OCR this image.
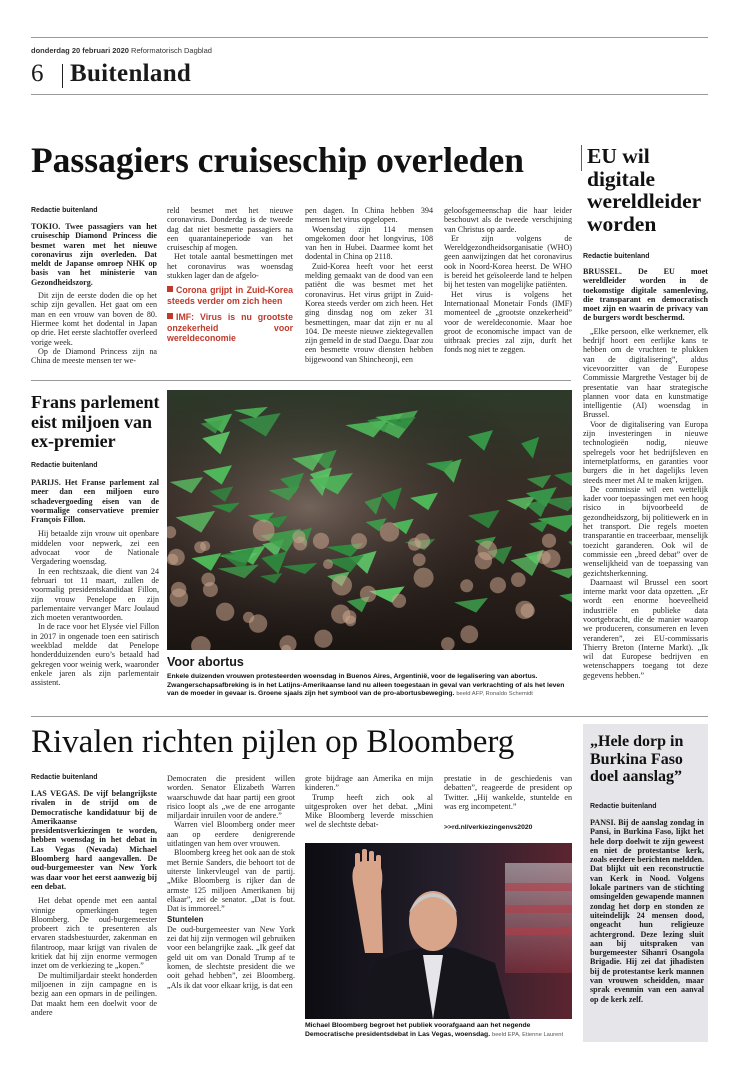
donderdag 20 februari 2020 Reformatorisch Dagblad
6 Buitenland
Passagiers cruiseschip overleden
Redactie buitenland

TOKIO. Twee passagiers van het cruiseschip Diamond Princess die besmet waren met het nieuwe coronavirus zijn overleden. Dat meldt de Japanse omroep NHK op basis van het ministerie van Gezondheidszorg.

Dit zijn de eerste doden die op het schip zijn gevallen. Het gaat om een man en een vrouw van boven de 80. Hiermee komt het dodental in Japan op drie. Het eerste slachtoffer overleed vorige week.

Op de Diamond Princess zijn na China de meeste mensen ter we-

reld besmet met het nieuwe coronavirus. Donderdag is de tweede dag dat niet besmette passagiers na een quarantaineperiode van het cruiseschip af mogen.

Het totale aantal besmettingen met het coronavirus was woensdag stukken lager dan de afgelo-

Corona grijpt in Zuid-Korea steeds verder om zich heen
IMF: Virus is nu grootste onzekerheid voor wereldeconomie

pen dagen. In China hebben 394 mensen het virus opgelopen.

Woensdag zijn 114 mensen omgekomen door het longvirus, 108 van hen in Hubei. Daarmee komt het dodental in China op 2118.

Zuid-Korea heeft voor het eerst melding gemaakt van de dood van een patiënt die was besmet met het coronavirus. Het virus grijpt in Zuid-Korea steeds verder om zich heen. Het ging dinsdag nog om zeker 31 besmettingen, maar dat zijn er nu al 104. De meeste nieuwe ziektegevallen zijn gemeld in de stad Daegu. Daar zou een besmette vrouw diensten hebben bijgewoond van Shincheonji, een

geloofsgemeenschap die haar leider beschouwt als de tweede verschijning van Christus op aarde.

Er zijn volgens de Wereldgezondheidsorganisatie (WHO) geen aanwijzingen dat het coronavirus ook in Noord-Korea heerst. De WHO is bereid het geïsoleerde land te helpen bij het testen van mogelijke patiënten.

Het virus is volgens het Internationaal Monetair Fonds (IMF) momenteel de „grootste onzekerheid” voor de wereldeconomie. Maar hoe groot de economische impact van de uitbraak precies zal zijn, durft het fonds nog niet te zeggen.

EU wil digitale wereldleider worden
Redactie buitenland

BRUSSEL. De EU moet wereldleider worden in de toekomstige digitale samenleving, die transparant en democratisch moet zijn en waarin de privacy van de burgers wordt beschermd.

„Elke persoon, elke werknemer, elk bedrijf hoort een eerlijke kans te hebben om de vruchten te plukken van de digitalisering”, aldus vicevoorzitter van de Europese Commissie Margrethe Vestager bij de presentatie van haar strategische plannen voor data en kunstmatige intelligentie (AI) woensdag in Brussel.

Voor de digitalisering van Europa zijn investeringen in nieuwe technologieën nodig, nieuwe spelregels voor het bedrijfsleven en internetplatforms, en garanties voor burgers die in het dagelijks leven steeds meer met AI te maken krijgen.

De commissie wil een wettelijk kader voor toepassingen met een hoog risico in bijvoorbeeld de gezondheidszorg, bij politiewerk en in het transport. Die regels moeten transparantie en traceerbaar, menselijk toezicht garanderen. Ook wil de commissie een „breed debat” over de wenselijkheid van de toepassing van gezichtsherkenning.

Daarnaast wil Brussel een soort interne markt voor data opzetten. „Er wordt een enorme hoeveelheid industriële en publieke data voortgebracht, die de manier waarop we produceren, consumeren en leven veranderen”, zei EU-commissaris Thierry Breton (Interne Markt). „Ik wil dat Europese bedrijven en wetenschappers toegang tot deze gegevens hebben.”

Frans parlement eist miljoen van ex-premier
Redactie buitenland

PARIJS. Het Franse parlement zal meer dan een miljoen euro schadevergoeding eisen van de voormalige conservatieve premier François Fillon.

Hij betaalde zijn vrouw uit openbare middelen voor nepwerk, zei een advocaat voor de Nationale Vergadering woensdag.

In een rechtszaak, die dient van 24 februari tot 11 maart, zullen de voormalig presidentskandidaat Fillon, zijn vrouw Penelope en zijn parlementaire vervanger Marc Joulaud zich moeten verantwoorden.

In de race voor het Elysée viel Fillon in 2017 in ongenade toen een satirisch weekblad meldde dat Penelope honderdduizenden euro’s betaald had gekregen voor weinig werk, waaronder enkele jaren als zijn parlementair assistent.

Voor abortus
Enkele duizenden vrouwen protesteerden woensdag in Buenos Aires, Argentinië, voor de legalisering van abortus. Zwangerschapsafbreking is in het Latijns-Amerikaanse land nu alleen toegestaan in geval van verkrachting of als het leven van de moeder in gevaar is. Groene sjaals zijn het symbool van de pro-abortusbeweging. beeld AFP, Ronaldo Schemidt
Rivalen richten pijlen op Bloomberg
Redactie buitenland

LAS VEGAS. De vijf belangrijkste rivalen in de strijd om de Democratische kandidatuur bij de Amerikaanse presidentsverkiezingen te worden, hebben woensdag in het debat in Las Vegas (Nevada) Michael Bloomberg hard aangevallen. De oud-burgemeester van New York was daar voor het eerst aanwezig bij een debat.

Het debat opende met een aantal vinnige opmerkingen tegen Bloomberg. De oud-burgemeester probeert zich te presenteren als ervaren stadsbestuurder, zakenman en filantroop, maar krijgt van rivalen de kritiek dat hij zijn enorme vermogen inzet om de verkiezing te „kopen.”

De multimiljardair steekt honderden miljoenen in zijn campagne en is bezig aan een opmars in de peilingen. Dat maakt hem een doelwit voor de andere

Democraten die president willen worden. Senator Elizabeth Warren waarschuwde dat haar partij een groot risico loopt als „we de ene arrogante miljardair inruilen voor de andere.”

Warren viel Bloomberg onder meer aan op eerdere denigrerende uitlatingen van hem over vrouwen.

Bloomberg kreeg het ook aan de stok met Bernie Sanders, die behoort tot de uiterste linkervleugel van de partij. „Mike Bloomberg is rijker dan de armste 125 miljoen Amerikanen bij elkaar”, zei de senator. „Dat is fout. Dat is immoreel.”

Stuntelen

De oud-burgemeester van New York zei dat hij zijn vermogen wil gebruiken voor een belangrijke zaak. „Ik geef dat geld uit om van Donald Trump af te komen, de slechtste president die we ooit gehad hebben”, zei Bloomberg. „Als ik dat voor elkaar krijg, is dat een

grote bijdrage aan Amerika en mijn kinderen.”

Trump heeft zich ook al uitgesproken over het debat. „Mini Mike Bloomberg leverde misschien wel de slechtste debat-

prestatie in de geschiedenis van debatten”, reageerde de president op Twitter. „Hij wankelde, stuntelde en was erg incompetent.”

>>rd.nl/verkiezingenvs2020
Michael Bloomberg begroet het publiek voorafgaand aan het negende Democratische presidentsdebat in Las Vegas, woensdag. beeld EPA, Etienne Laurent
„Hele dorp in Burkina Faso doel aanslag”
Redactie buitenland

PANSI. Bij de aanslag zondag in Pansi, in Burkina Faso, lijkt het hele dorp doelwit te zijn geweest en niet de protestantse kerk, zoals eerdere berichten meldden. Dat blijkt uit een reconstructie van Kerk in Nood. Volgens lokale partners van de stichting omsingelden gewapende mannen zondag het dorp en stonden ze uiteindelijk 24 mensen dood, ongeacht hun religieuze achtergrond. Deze lezing sluit aan bij uitspraken van burgemeester Sihanri Osangola Brigadie. Hij zei dat jihadisten bij de protestantse kerk mannen van vrouwen scheidden, maar sprak evenmin van een aanval op de kerk zelf.
